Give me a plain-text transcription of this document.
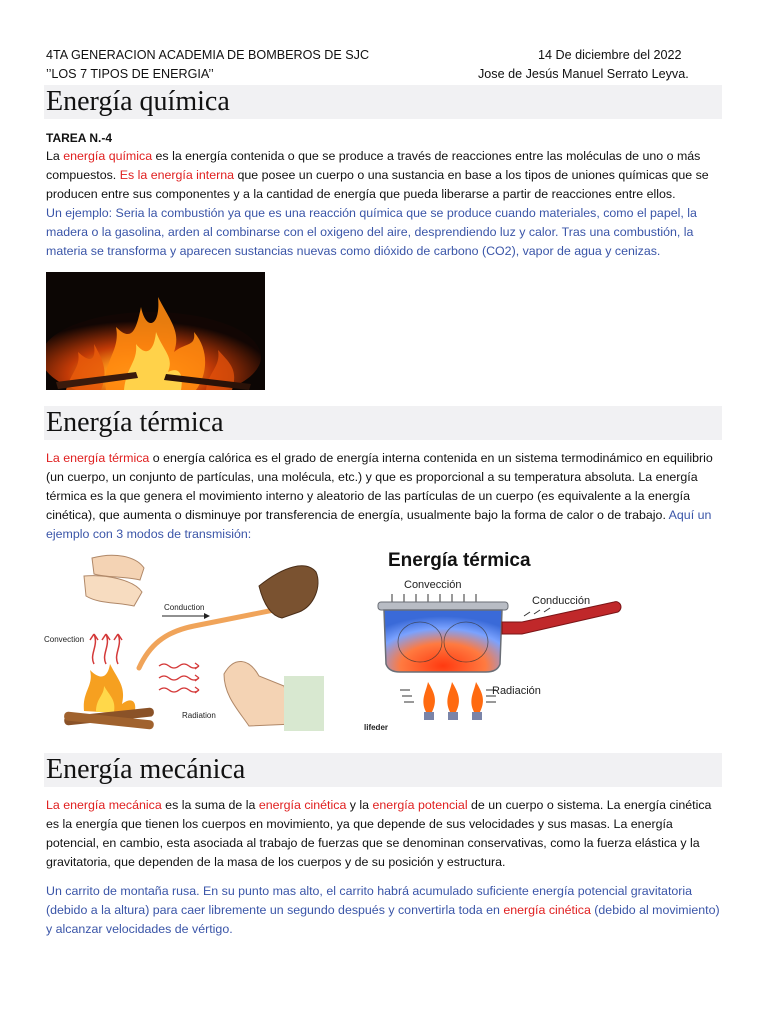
4TA GENERACION ACADEMIA DE BOMBEROS DE SJC
’’LOS 7 TIPOS DE ENERGIA’’
14 De diciembre del 2022
Jose de Jesús Manuel Serrato Leyva.
Energía química
TAREA N.-4
La energía química es la energía contenida o que se produce a través de reacciones entre las moléculas de uno o más compuestos. Es la energía interna que posee un cuerpo o una sustancia en base a los tipos de uniones químicas que se producen entre sus componentes y a la cantidad de energía que pueda liberarse a partir de reacciones entre ellos.
Un ejemplo: Seria la combustión ya que es una reacción química que se produce cuando materiales, como el papel, la madera o la gasolina, arden al combinarse con el oxigeno del aire, desprendiendo luz y calor. Tras una combustión, la materia se transforma y aparecen sustancias nuevas como dióxido de carbono (CO2), vapor de agua y cenizas.
Energía térmica
La energía térmica o energía calórica es el grado de energía interna contenida en un sistema termodinámico en equilibrio (un cuerpo, un conjunto de partículas, una molécula, etc.) y que es proporcional a su temperatura absoluta. La energía térmica es la que genera el movimiento interno y aleatorio de las partículas de un cuerpo (es equivalente a la energía cinética), que aumenta o disminuye por transferencia de energía, usualmente bajo la forma de calor o de trabajo. Aquí un ejemplo con 3 modos de transmisión:
Conduction
Convection
Radiation
Energía térmica
Convección
Conducción
Radiación
lifeder
Energía mecánica
La energía mecánica es la suma de la energía cinética y la energía potencial de un cuerpo o sistema. La energía cinética es la energía que tienen los cuerpos en movimiento, ya que depende de sus velocidades y sus masas. La energía potencial, en cambio, esta asociada al trabajo de fuerzas que se denominan conservativas, como la fuerza elástica y la gravitatoria, que dependen de la masa de los cuerpos y de su posición y estructura.
Un carrito de montaña rusa. En su punto mas alto, el carrito habrá acumulado suficiente energía potencial gravitatoria (debido a la altura) para caer libremente un segundo después y convertirla toda en energía cinética (debido al movimiento) y alcanzar velocidades de vértigo.
